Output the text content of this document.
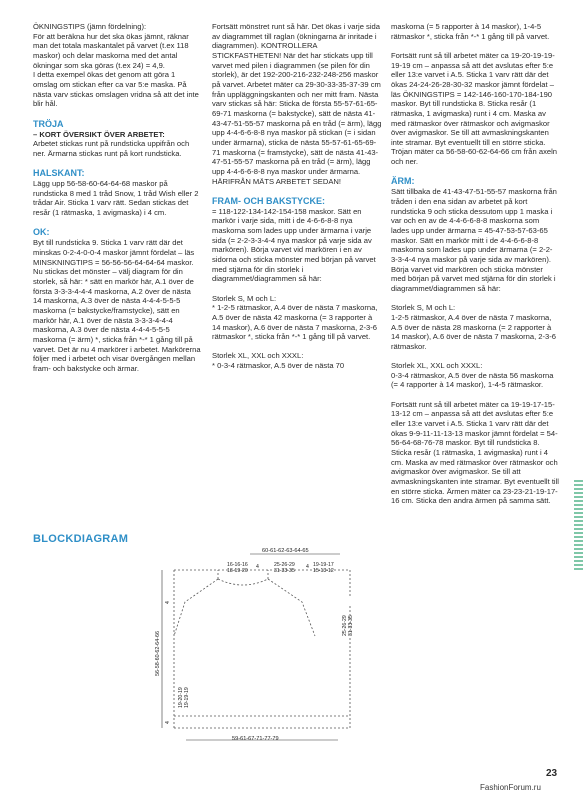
ÖKNINGSTIPS (jämn fördelning):
För att beräkna hur det ska ökas jämnt, räknar man det totala maskantalet på varvet (t.ex 118 maskor) och delar maskorna med det antal ökningar som ska göras (t.ex 24) = 4,9.
I detta exempel ökas det genom att göra 1 omslag om stickan efter ca var 5:e maska. På nästa varv stickas omslagen vridna så att det inte blir hål.

TRÖJA

– KORT ÖVERSIKT ÖVER ARBETET:

Arbetet stickas runt på rundsticka uppifrån och ner. Ärmarna stickas runt på kort rundsticka.

HALSKANT:

Lägg upp 56-58-60-64-64-68 maskor på rundsticka 8 med 1 tråd Snow, 1 tråd Wish eller 2 trådar Air. Sticka 1 varv rätt. Sedan stickas det resår (1 rätmaska, 1 avigmaska) i 4 cm.

OK:

Byt till rundsticka 9. Sticka 1 varv rätt där det minskas 0-2-4-0-0-4 maskor jämnt fördelat – läs MINSKNINGTIPS = 56-56-56-64-64-64 maskor. Nu stickas det mönster – välj diagram för din storlek, så här: * sätt en markör här, A.1 över de första 3-3-3-4-4-4 maskorna, A.2 över de nästa 14 maskorna, A.3 över de nästa 4-4-4-5-5-5 maskorna (= bakstycke/framstycke), sätt en markör här, A.1 över de nästa 3-3-3-4-4-4 maskorna, A.3 över de nästa 4-4-4-5-5-5 maskorna (= ärm) *, sticka från *-* 1 gång till på varvet. Det är nu 4 markörer i arbetet. Markörerna följer med i arbetet och visar övergången mellan fram- och bakstycke och ärmar.

Fortsätt mönstret runt så här. Det ökas i varje sida av diagrammet till raglan (ökningarna är inritade i diagrammen). KONTROLLERA STICKFASTHETEN! När det har stickats upp till varvet med pilen i diagrammen (se pilen för din storlek), är det 192-200-216-232-248-256 maskor på varvet. Arbetet mäter ca 29-30-33-35-37-39 cm från uppläggningskanten och ner mitt fram. Nästa varv stickas så här: Sticka de första 55-57-61-65-69-71 maskorna (= bakstycke), sätt de nästa 41-43-47-51-55-57 maskorna på en tråd (= ärm), lägg upp 4-4-6-6-8-8 nya maskor på stickan (= i sidan under ärmarna), sticka de nästa 55-57-61-65-69-71 maskorna (= framstycke), sätt de nästa 41-43-47-51-55-57 maskorna på en tråd (= ärm), lägg upp 4-4-6-6-8-8 nya maskor under ärmarna. HÄRIFRÅN MÄTS ARBETET SEDAN!

FRAM- OCH BAKSTYCKE:

= 118-122-134-142-154-158 maskor. Sätt en markör i varje sida, mitt i de 4-6-6-8-8 nya maskorna som lades upp under ärmarna i varje sida (= 2-2-3-3-4-4 nya maskor på varje sida av markören). Börja varvet vid markören i en av sidorna och sticka mönster med början på varvet med stjärna för din storlek i diagrammet/diagrammen så här:

Storlek S, M och L:
* 1-2-5 rätmaskor, A.4 över de nästa 7 maskorna, A.5 över de nästa 42 maskorna (= 3 rapporter à 14 maskor), A.6 över de nästa 7 maskorna, 2-3-6 rätmaskor *, sticka från *-* 1 gång till på varvet.

Storlek XL, XXL och XXXL:
* 0-3-4 rätmaskor, A.5 över de nästa 70

maskorna (= 5 rapporter à 14 maskor), 1-4-5 rätmaskor *, sticka från *-* 1 gång till på varvet.

Fortsätt runt så till arbetet mäter ca 19-20-19-19-19-19 cm – anpassa så att det avslutas efter 5:e eller 13:e varvet i A.5. Sticka 1 varv rätt där det ökas 24-24-26-28-30-32 maskor jämnt fördelat – läs ÖKNINGSTIPS = 142-146-160-170-184-190 maskor. Byt till rundsticka 8. Sticka resår (1 rätmaska, 1 avigmaska) runt i 4 cm. Maska av med rätmaskor över rätmaskor och avigmaskor över avigmaskor. Se till att avmaskningskanten inte stramar. Byt eventuellt till en större sticka. Tröjan mäter ca 56-58-60-62-64-66 cm från axeln och ner.

ÄRM:

Sätt tillbaka de 41-43-47-51-55-57 maskorna från tråden i den ena sidan av arbetet på kort rundsticka 9 och sticka dessutom upp 1 maska i var och en av de 4-4-6-6-8-8 maskorna som lades upp under ärmarna = 45-47-53-57-63-65 maskor. Sätt en markör mitt i de 4-4-6-6-8-8 maskorna som lades upp under ärmarna (= 2-2-3-3-4-4 nya maskor på varje sida av markören). Börja varvet vid markören och sticka mönster med början på varvet med stjärna för din storlek i diagrammet/diagrammen så här:

Storlek S, M och L:
1-2-5 rätmaskor, A.4 över de nästa 7 maskorna, A.5 över de nästa 28 maskorna (= 2 rapporter à 14 maskor), A.6 över de nästa 7 maskorna, 2-3-6 rätmaskor.

Storlek XL, XXL och XXXL:
0-3-4 rätmaskor, A.5 över de nästa 56 maskorna (= 4 rapporter à 14 maskor), 1-4-5 rätmaskor.

Fortsätt runt så till arbetet mäter ca 19-19-17-15-13-12 cm – anpassa så att det avslutas efter 5:e eller 13:e varvet i A.5. Sticka 1 varv rätt där det ökas 9-9-11-11-13-13 maskor jämnt fördelat = 54-56-64-68-76-78 maskor. Byt till rundsticka 8. Sticka resår (1 rätmaska, 1 avigmaska) runt i 4 cm. Maska av med rätmaskor över rätmaskor och avigmaskor över avigmaskor. Se till att avmaskningskanten inte stramar. Byt eventuellt till en större sticka. Ärmen mäter ca 23-23-21-19-17-16 cm. Sticka den andra ärmen på samma sätt.

BLOCKDIAGRAM
60-61-62-63-64-65
59-61-67-71-77-79
16-16-16 18-19-20
4	25-26-29 31-33-35
4 19-19-17 15-13-12
4
25-26-2931-33-35
56-58-60-62-64-66
19-20-1919-19-19
4
23
FashionForum.ru
